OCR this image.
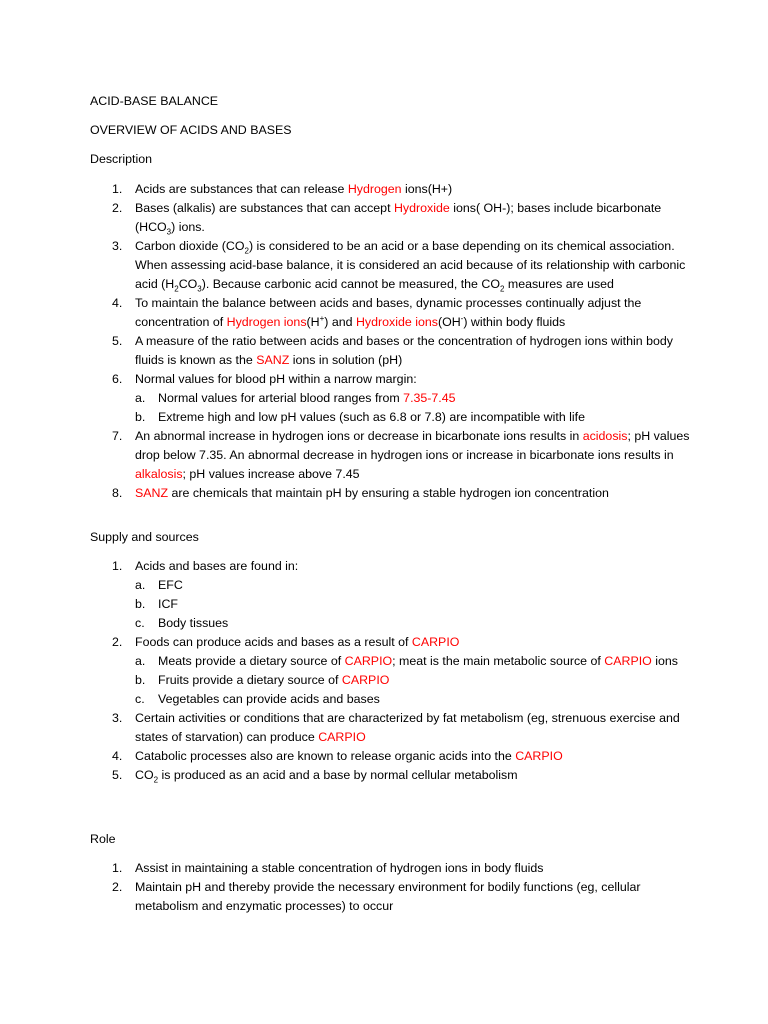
ACID-BASE BALANCE
OVERVIEW OF ACIDS AND BASES
Description
1. Acids are substances that can release Hydrogen ions(H+)
2. Bases (alkalis) are substances that can accept Hydroxide ions( OH-); bases include bicarbonate $(HCO_3)$ ions.
3. Carbon dioxide $(CO_2)$ is considered to be an acid or a base depending on its chemical association. When assessing acid-base balance, it is considered an acid because of its relationship with carbonic acid $(H_2CO_3)$. Because carbonic acid cannot be measured, the $CO_2$ measures are used
4. To maintain the balance between acids and bases, dynamic processes continually adjust the concentration of Hydrogen ions(H+) and Hydroxide ions(OH-) within body fluids
5. A measure of the ratio between acids and bases or the concentration of hydrogen ions within body fluids is known as the SANZ ions in solution (pH)
6. Normal values for blood pH within a narrow margin:
a. Normal values for arterial blood ranges from 7.35-7.45
b. Extreme high and low pH values (such as 6.8 or 7.8) are incompatible with life
7. An abnormal increase in hydrogen ions or decrease in bicarbonate ions results in acidosis; pH values drop below 7.35. An abnormal decrease in hydrogen ions or increase in bicarbonate ions results in alkalosis; pH values increase above 7.45
8. SANZ are chemicals that maintain pH by ensuring a stable hydrogen ion concentration
Supply and sources
1. Acids and bases are found in:
a. EFC
b. ICF
c. Body tissues
2. Foods can produce acids and bases as a result of CARPIO
a. Meats provide a dietary source of CARPIO; meat is the main metabolic source of CARPIO ions
b. Fruits provide a dietary source of CARPIO
c. Vegetables can provide acids and bases
3. Certain activities or conditions that are characterized by fat metabolism (eg, strenuous exercise and states of starvation) can produce CARPIO
4. Catabolic processes also are known to release organic acids into the CARPIO
5. $CO_2$ is produced as an acid and a base by normal cellular metabolism
Role
1. Assist in maintaining a stable concentration of hydrogen ions in body fluids
2. Maintain pH and thereby provide the necessary environment for bodily functions (eg, cellular metabolism and enzymatic processes) to occur
